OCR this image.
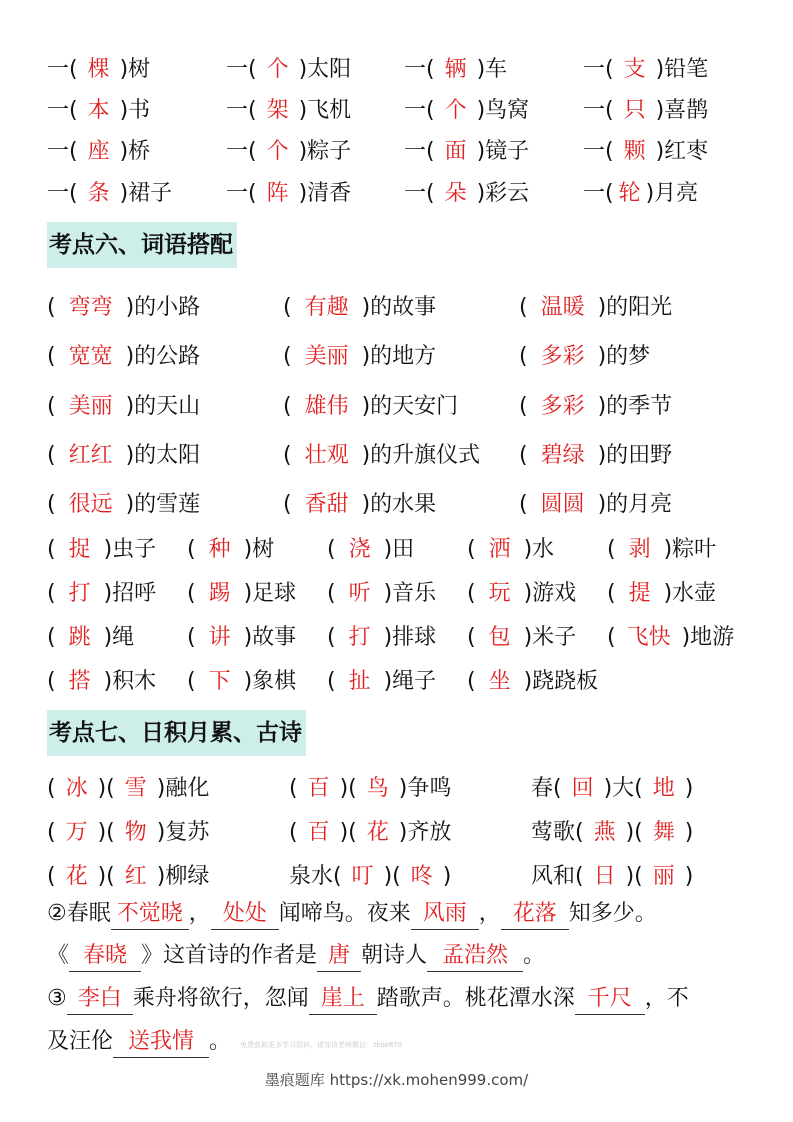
一( 棵 )树	一( 个 )太阳 一( 辆 )车	一( 支 )铅笔
一( 本 )书	一( 架 )飞机 一( 个 )鸟窝 一( 只 )喜鹊
一( 座 )桥	一( 个 )粽子 一( 面 )镜子 一( 颗 )红枣
一( 条 )裙子 一( 阵 )清香 一( 朵 )彩云 一( 轮 )月亮
考点六、词语搭配
( 弯弯 )的小路	( 有趣 )的故事	( 温暖 )的阳光
( 宽宽 )的公路	( 美丽 )的地方	( 多彩 )的梦
( 美丽 )的天山	( 雄伟 )的天安门	( 多彩 )的季节
( 红红 )的太阳	( 壮观 )的升旗仪式 ( 碧绿 )的田野
( 很远 )的雪莲	( 香甜 )的水果	( 圆圆 )的月亮
( 捉 )虫子 ( 种 )树 ( 浇 )田 ( 洒 )水 ( 剥 )粽叶
( 打 )招呼 ( 踢 )足球 ( 听 )音乐 ( 玩 )游戏 ( 提 )水壶
( 跳 )绳 ( 讲 )故事 ( 打 )排球 ( 包 )米子 ( 飞快 )地游
( 搭 )积木 ( 下 )象棋 ( 扯 )绳子 ( 坐 )跷跷板
考点七、日积月累、古诗
( 冰 )( 雪 )融化	( 百 )( 鸟 )争鸣	春( 回 )大( 地 )
( 万 )( 物 )复苏	( 百 )( 花 )齐放	莺歌( 燕 )( 舞 )
( 花 )( 红 )柳绿	泉水( 叮 )( 咚 )	风和( 日 )( 丽 )
②春眠 不觉晓 ， 处处 闻啼鸟。夜来 风雨 ， 花落 知多少。
《 春晓 》这首诗的作者是 唐 朝诗人 孟浩然 。
③ 李白 乘舟将欲行，忽闻 崖上 踏歌声。桃花潭水深 千尺 ，不
及汪伦 送我情 。 免费获取更多学习资料，请加该老师微信：zkox870
墨痕题库 https://xk.mohen999.com/
